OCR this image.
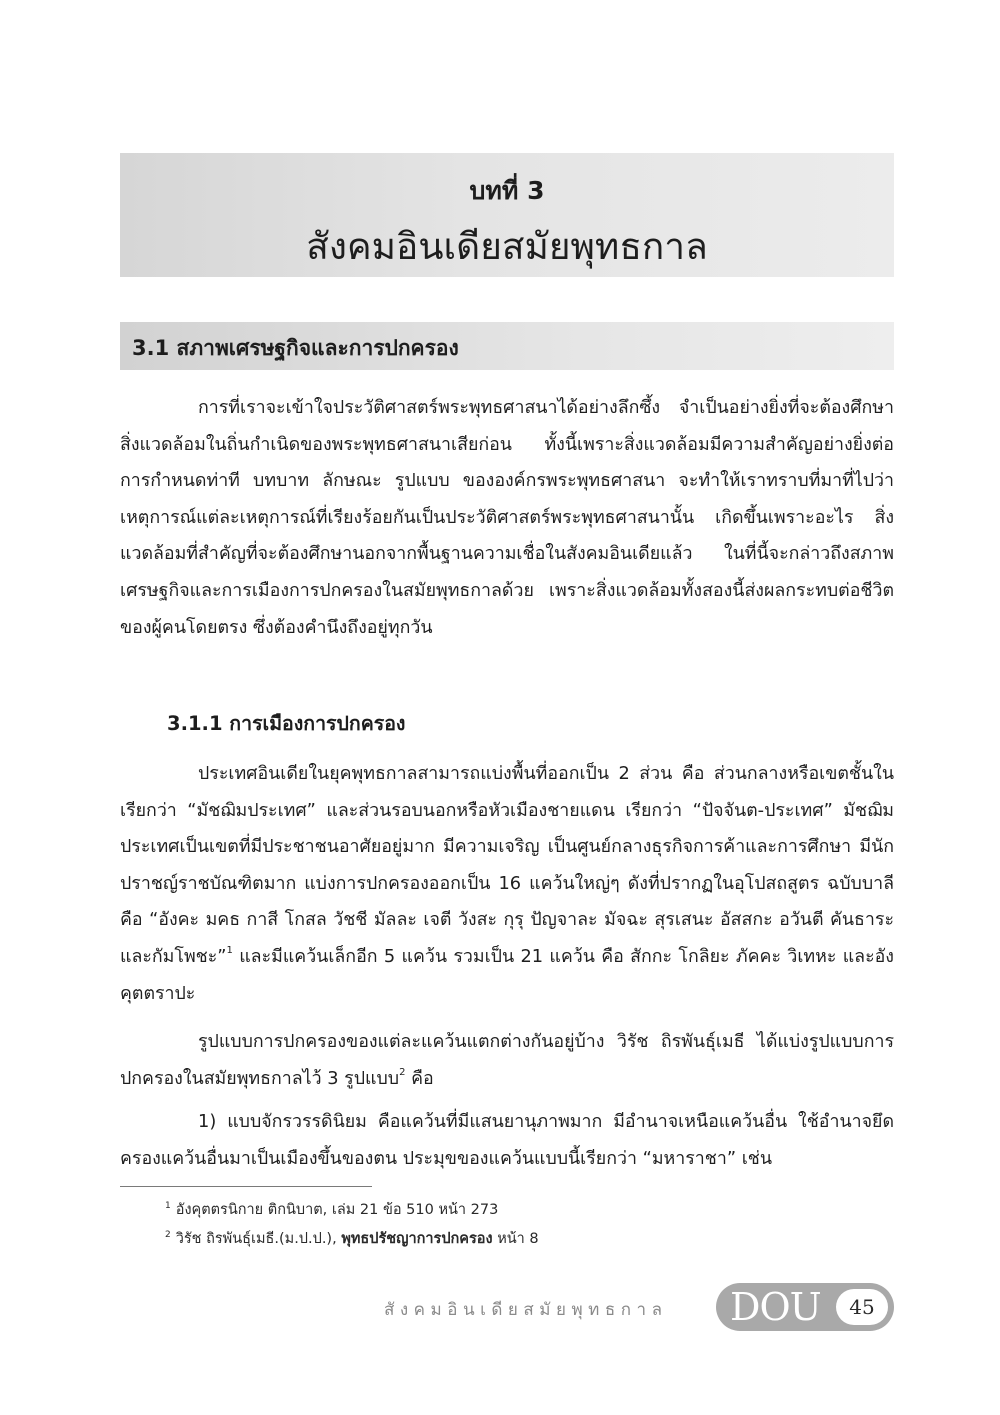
บทที่ 3
สังคมอินเดียสมัยพุทธกาล
3.1 สภาพเศรษฐกิจและการปกครอง

การที่เราจะเข้าใจประวัติศาสตร์พระพุทธศาสนาได้อย่างลึกซึ้ง จำเป็นอย่างยิ่งที่จะต้องศึกษาสิ่งแวดล้อมในถิ่นกำเนิดของพระพุทธศาสนาเสียก่อน ทั้งนี้เพราะสิ่งแวดล้อมมีความสำคัญอย่างยิ่งต่อการกำหนดท่าที บทบาท ลักษณะ รูปแบบ ขององค์กรพระพุทธศาสนา จะทำให้เราทราบที่มาที่ไปว่า เหตุการณ์แต่ละเหตุการณ์ที่เรียงร้อยกันเป็นประวัติศาสตร์พระพุทธศาสนานั้น เกิดขึ้นเพราะอะไร สิ่งแวดล้อมที่สำคัญที่จะต้องศึกษานอกจากพื้นฐานความเชื่อในสังคมอินเดียแล้ว ในที่นี้จะกล่าวถึงสภาพเศรษฐกิจและการเมืองการปกครองในสมัยพุทธกาลด้วย เพราะสิ่งแวดล้อมทั้งสองนี้ส่งผลกระทบต่อชีวิตของผู้คนโดยตรง ซึ่งต้องคำนึงถึงอยู่ทุกวัน

3.1.1 การเมืองการปกครอง

ประเทศอินเดียในยุคพุทธกาลสามารถแบ่งพื้นที่ออกเป็น 2 ส่วน คือ ส่วนกลางหรือเขตชั้นใน เรียกว่า “มัชฌิมประเทศ” และส่วนรอบนอกหรือหัวเมืองชายแดน เรียกว่า “ปัจจันต-ประเทศ” มัชฌิมประเทศเป็นเขตที่มีประชาชนอาศัยอยู่มาก มีความเจริญ เป็นศูนย์กลางธุรกิจการค้าและการศึกษา มีนักปราชญ์ราชบัณฑิตมาก แบ่งการปกครองออกเป็น 16 แคว้นใหญ่ๆ ดังที่ปรากฏในอุโปสถสูตร ฉบับบาลี คือ “อังคะ มคธ กาสี โกสล วัชชี มัลละ เจตี วังสะ กุรุ ปัญจาละ มัจฉะ สุรเสนะ อัสสกะ อวันตี คันธาระ และกัมโพชะ”$^1$ และมีแคว้นเล็กอีก 5 แคว้น รวมเป็น 21 แคว้น คือ สักกะ โกลิยะ ภัคคะ วิเทหะ และอังคุตตราปะ

รูปแบบการปกครองของแต่ละแคว้นแตกต่างกันอยู่บ้าง วิรัช ถิรพันธุ์เมธี ได้แบ่งรูปแบบการปกครองในสมัยพุทธกาลไว้ 3 รูปแบบ$^2$ คือ

1) แบบจักรวรรดินิยม คือแคว้นที่มีแสนยานุภาพมาก มีอำนาจเหนือแคว้นอื่น ใช้อำนาจยึดครองแคว้นอื่นมาเป็นเมืองขึ้นของตน ประมุขของแคว้นแบบนี้เรียกว่า “มหาราชา” เช่น

$^1$ อังคุตตรนิกาย ติกนิบาต, เล่ม 21 ข้อ 510 หน้า 273
$^2$ วิรัช ถิรพันธุ์เมธี.(ม.ป.ป.), พุทธปรัชญาการปกครอง หน้า 8
สังคมอินเดียสมัยพุทธกาล	DOU	45
